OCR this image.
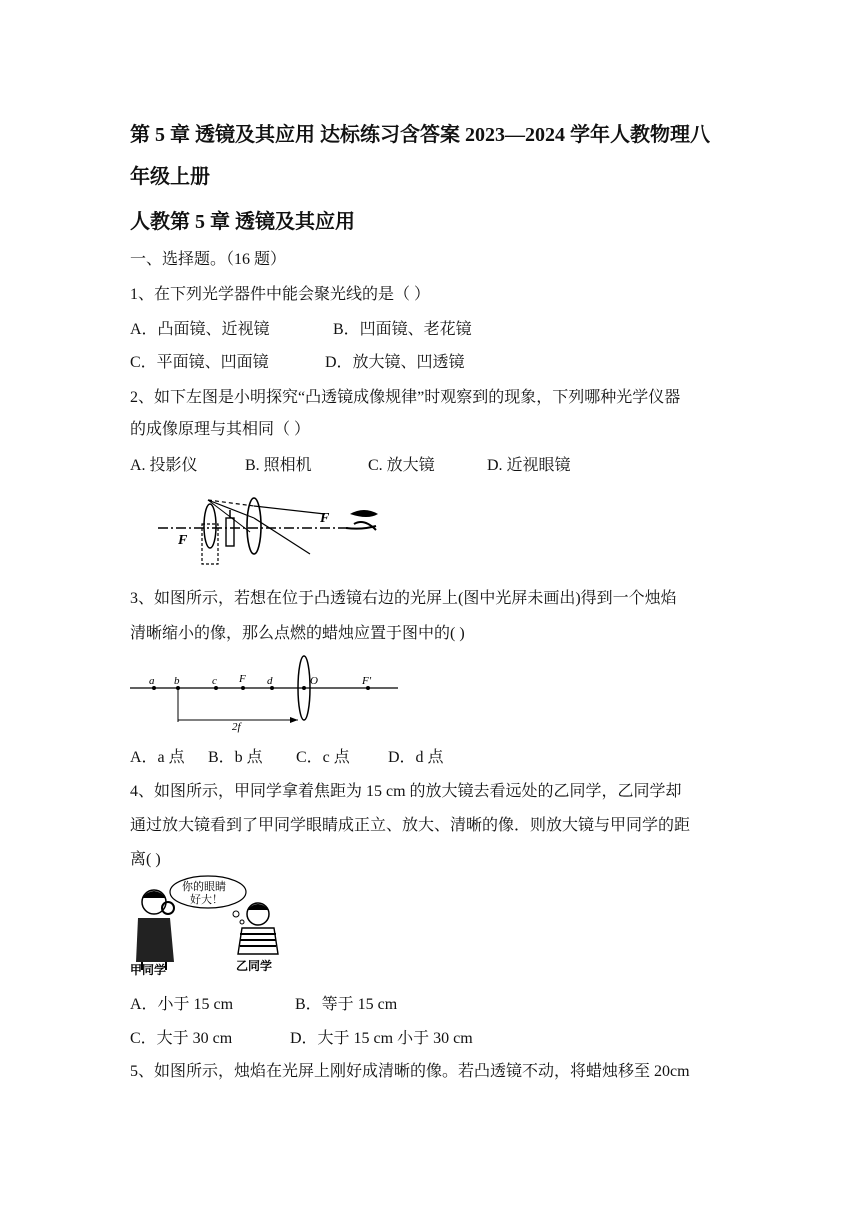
第 5 章 透镜及其应用 达标练习含答案 2023—2024 学年人教物理八
年级上册
人教第 5 章 透镜及其应用
一、选择题。（16 题）
1、在下列光学器件中能会聚光线的是（ ）
A．凸面镜、近视镜	B．凹面镜、老花镜
C．平面镜、凹面镜	D．放大镜、凹透镜
2、如下左图是小明探究“凸透镜成像规律”时观察到的现象，下列哪种光学仪器
的成像原理与其相同（ ）
A. 投影仪	B. 照相机	C. 放大镜	D. 近视眼镜
F
F
3、如图所示，若想在位于凸透镜右边的光屏上(图中光屏未画出)得到一个烛焰
清晰缩小的像，那么点燃的蜡烛应置于图中的( )
a b	c F d	O	F'
2f
A．a 点 B．b 点 C．c 点 D．d 点
4、如图所示，甲同学拿着焦距为 15 cm 的放大镜去看远处的乙同学，乙同学却
通过放大镜看到了甲同学眼睛成正立、放大、清晰的像．则放大镜与甲同学的距
离( )
你的眼睛
好大！
甲同学	乙同学
A．小于 15 cm	B．等于 15 cm
C．大于 30 cm	D．大于 15 cm 小于 30 cm
5、如图所示，烛焰在光屏上刚好成清晰的像。若凸透镜不动，将蜡烛移至 20cm
